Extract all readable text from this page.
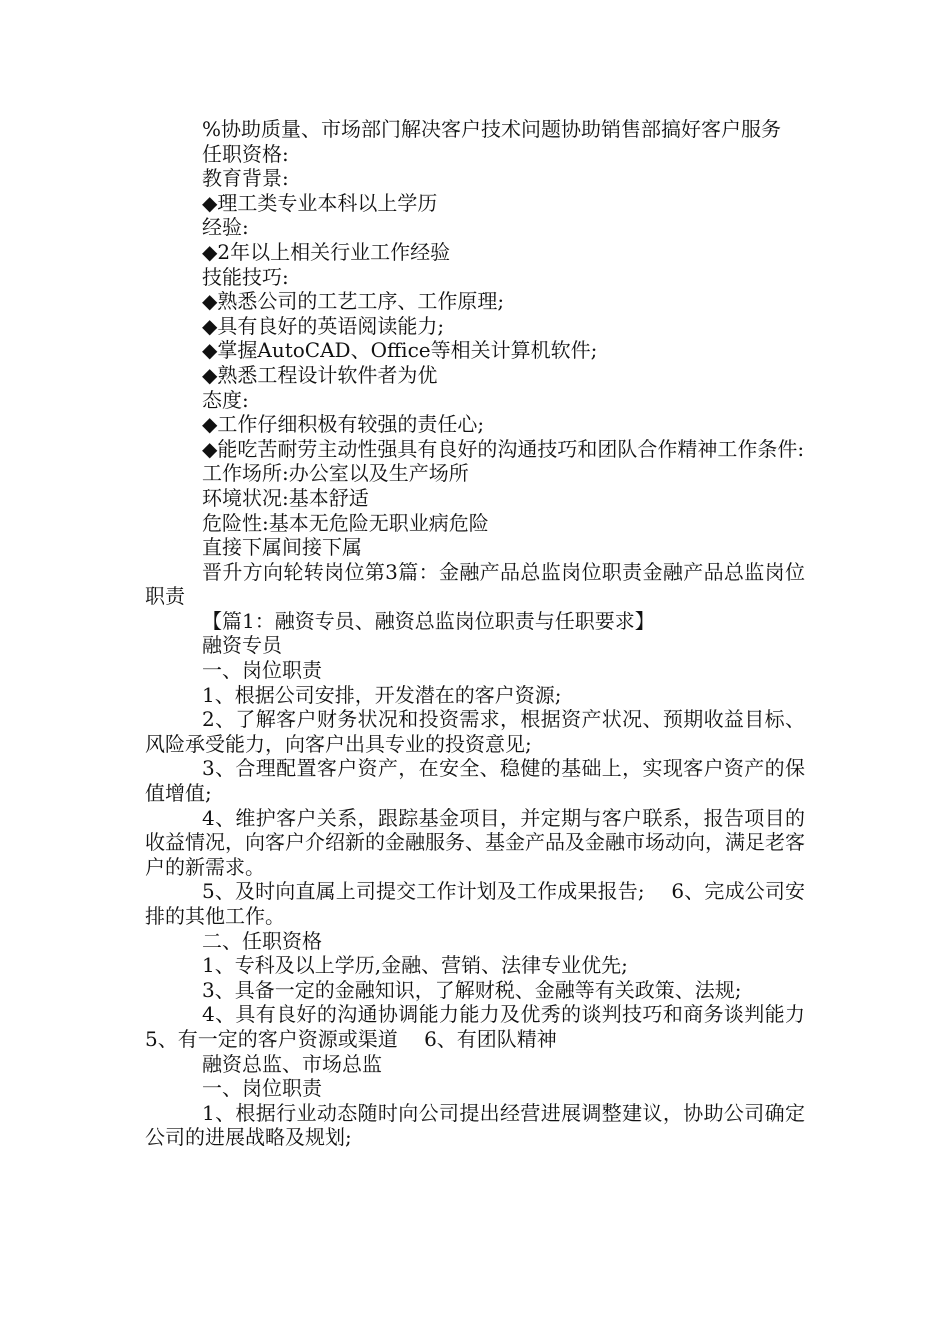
%协助质量、市场部门解决客户技术问题协助销售部搞好客户服务

任职资格:

教育背景:

◆理工类专业本科以上学历

经验:

◆2年以上相关行业工作经验

技能技巧:

◆熟悉公司的工艺工序、工作原理;

◆具有良好的英语阅读能力;

◆掌握AutoCAD、Office等相关计算机软件;

◆熟悉工程设计软件者为优

态度:

◆工作仔细积极有较强的责任心;

◆能吃苦耐劳主动性强具有良好的沟通技巧和团队合作精神工作条件:

工作场所:办公室以及生产场所

环境状况:基本舒适

危险性:基本无危险无职业病危险

直接下属间接下属

晋升方向轮转岗位第3篇：金融产品总监岗位职责金融产品总监岗位职责

【篇1：融资专员、融资总监岗位职责与任职要求】

融资专员

一、岗位职责

1、根据公司安排，开发潜在的客户资源;

2、了解客户财务状况和投资需求，根据资产状况、预期收益目标、风险承受能力，向客户出具专业的投资意见;

3、合理配置客户资产，在安全、稳健的基础上，实现客户资产的保值增值;

4、维护客户关系，跟踪基金项目，并定期与客户联系，报告项目的收益情况，向客户介绍新的金融服务、基金产品及金融市场动向，满足老客户的新需求。

5、及时向直属上司提交工作计划及工作成果报告;　 6、完成公司安排的其他工作。

二、任职资格

1、专科及以上学历,金融、营销、法律专业优先;

3、具备一定的金融知识，了解财税、金融等有关政策、法规;

4、具有良好的沟通协调能力能力及优秀的谈判技巧和商务谈判能力　5、有一定的客户资源或渠道　 6、有团队精神

融资总监、市场总监

一、岗位职责

1、根据行业动态随时向公司提出经营进展调整建议，协助公司确定公司的进展战略及规划;
